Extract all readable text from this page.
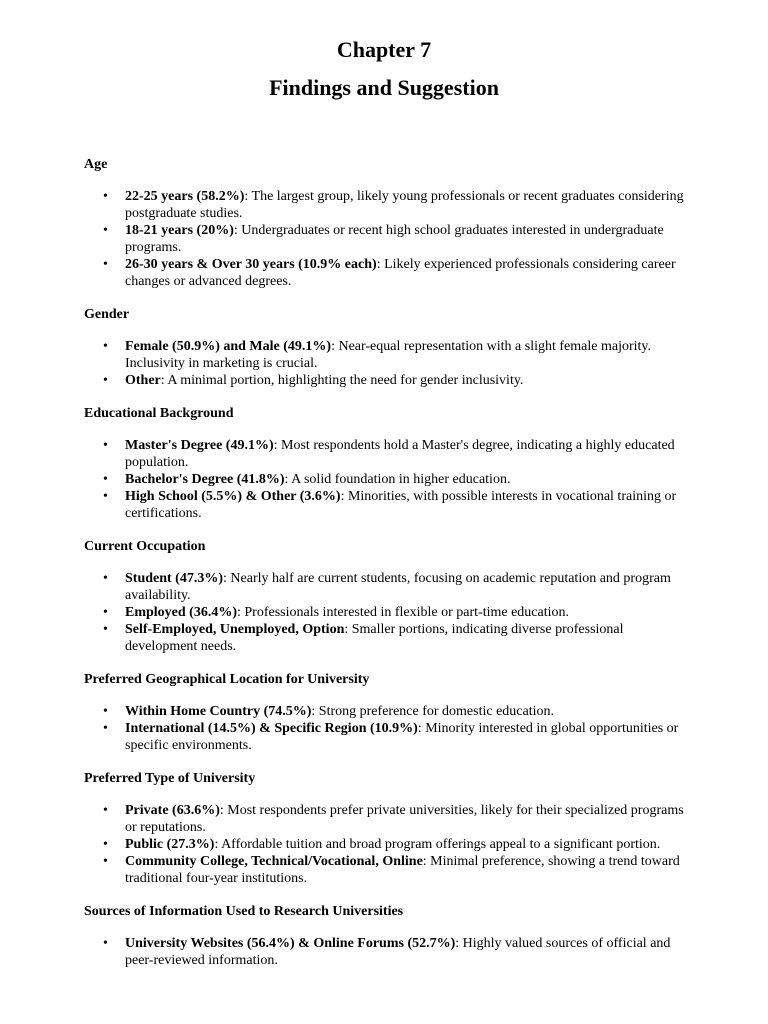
Chapter 7
Findings and Suggestion
Age
• 22-25 years (58.2%): The largest group, likely young professionals or recent graduates considering postgraduate studies.
• 18-21 years (20%): Undergraduates or recent high school graduates interested in undergraduate programs.
• 26-30 years & Over 30 years (10.9% each): Likely experienced professionals considering career changes or advanced degrees.
Gender
• Female (50.9%) and Male (49.1%): Near-equal representation with a slight female majority. Inclusivity in marketing is crucial.
• Other: A minimal portion, highlighting the need for gender inclusivity.
Educational Background
• Master's Degree (49.1%): Most respondents hold a Master's degree, indicating a highly educated population.
• Bachelor's Degree (41.8%): A solid foundation in higher education.
• High School (5.5%) & Other (3.6%): Minorities, with possible interests in vocational training or certifications.
Current Occupation
• Student (47.3%): Nearly half are current students, focusing on academic reputation and program availability.
• Employed (36.4%): Professionals interested in flexible or part-time education.
• Self-Employed, Unemployed, Option: Smaller portions, indicating diverse professional development needs.
Preferred Geographical Location for University
• Within Home Country (74.5%): Strong preference for domestic education.
• International (14.5%) & Specific Region (10.9%): Minority interested in global opportunities or specific environments.
Preferred Type of University
• Private (63.6%): Most respondents prefer private universities, likely for their specialized programs or reputations.
• Public (27.3%): Affordable tuition and broad program offerings appeal to a significant portion.
• Community College, Technical/Vocational, Online: Minimal preference, showing a trend toward traditional four-year institutions.
Sources of Information Used to Research Universities
• University Websites (56.4%) & Online Forums (52.7%): Highly valued sources of official and peer-reviewed information.
